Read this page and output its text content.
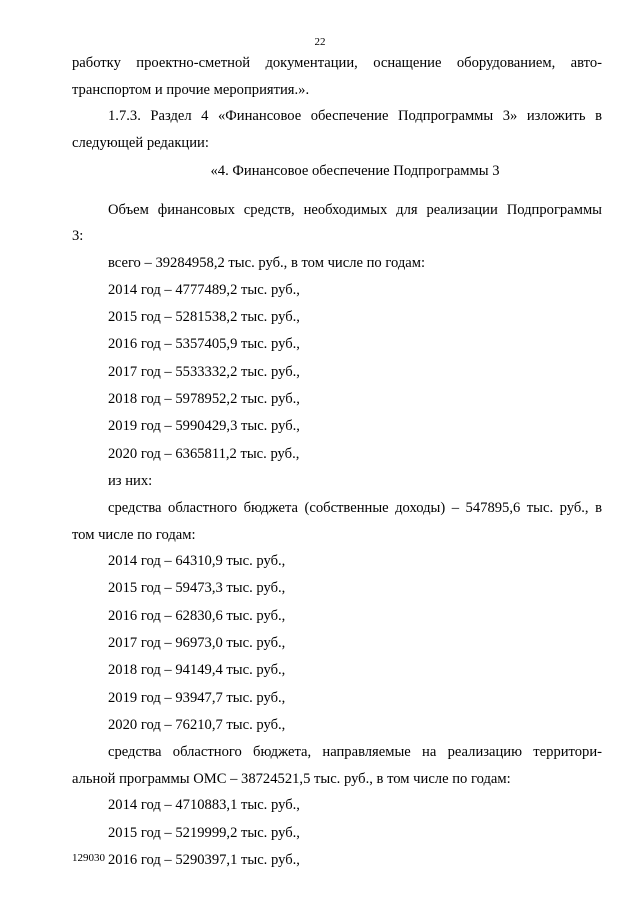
22

работку проектно-сметной документации, оснащение оборудованием, авто-

транспортом и прочие мероприятия.».

1.7.3. Раздел 4 «Финансовое обеспечение Подпрограммы 3» изложить в

следующей редакции:

«4. Финансовое обеспечение Подпрограммы 3

Объем финансовых средств, необходимых для реализации Подпрограммы

3:

всего – 39284958,2 тыс. руб., в том числе по годам:

2014 год – 4777489,2 тыс. руб.,

2015 год – 5281538,2 тыс. руб.,

2016 год – 5357405,9 тыс. руб.,

2017 год – 5533332,2 тыс. руб.,

2018 год – 5978952,2 тыс. руб.,

2019 год – 5990429,3 тыс. руб.,

2020 год – 6365811,2 тыс. руб.,

из них:

средства областного бюджета (собственные доходы) – 547895,6 тыс. руб., в

том числе по годам:

2014 год – 64310,9 тыс. руб.,

2015 год – 59473,3 тыс. руб.,

2016 год – 62830,6 тыс. руб.,

2017 год – 96973,0 тыс. руб.,

2018 год – 94149,4 тыс. руб.,

2019 год – 93947,7 тыс. руб.,

2020 год – 76210,7 тыс. руб.,

средства областного бюджета, направляемые на реализацию территори-

альной программы ОМС – 38724521,5 тыс. руб., в том числе по годам:

2014 год – 4710883,1 тыс. руб.,

2015 год – 5219999,2 тыс. руб.,

2016 год – 5290397,1 тыс. руб.,

129030
